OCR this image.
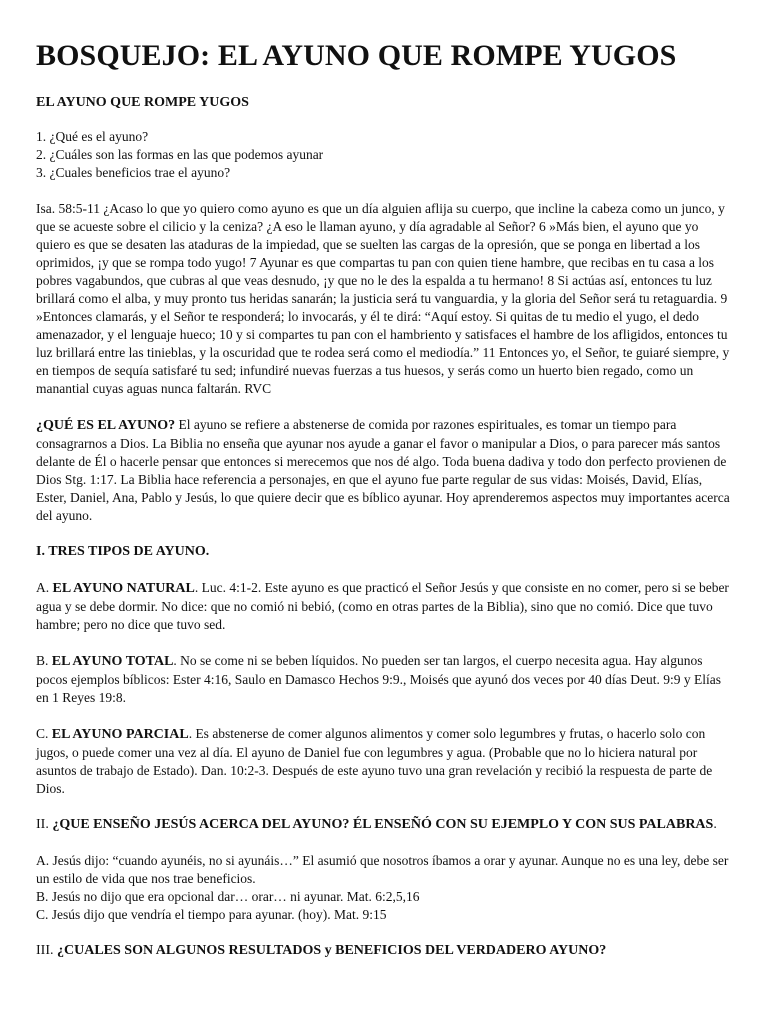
BOSQUEJO: EL AYUNO QUE ROMPE YUGOS
EL AYUNO QUE ROMPE YUGOS
1. ¿Qué es el ayuno?
2. ¿Cuáles son las formas en las que podemos ayunar
3. ¿Cuales beneficios trae el ayuno?

Isa. 58:5-11 ¿Acaso lo que yo quiero como ayuno es que un día alguien aflija su cuerpo, que incline la cabeza como un junco, y que se acueste sobre el cilicio y la ceniza? ¿A eso le llaman ayuno, y día agradable al Señor? 6 »Más bien, el ayuno que yo quiero es que se desaten las ataduras de la impiedad, que se suelten las cargas de la opresión, que se ponga en libertad a los oprimidos, ¡y que se rompa todo yugo! 7 Ayunar es que compartas tu pan con quien tiene hambre, que recibas en tu casa a los pobres vagabundos, que cubras al que veas desnudo, ¡y que no le des la espalda a tu hermano! 8 Si actúas así, entonces tu luz brillará como el alba, y muy pronto tus heridas sanarán; la justicia será tu vanguardia, y la gloria del Señor será tu retaguardia. 9 »Entonces clamarás, y el Señor te responderá; lo invocarás, y él te dirá: “Aquí estoy. Si quitas de tu medio el yugo, el dedo amenazador, y el lenguaje hueco; 10 y si compartes tu pan con el hambriento y satisfaces el hambre de los afligidos, entonces tu luz brillará entre las tinieblas, y la oscuridad que te rodea será como el mediodía.” 11 Entonces yo, el Señor, te guiaré siempre, y en tiempos de sequía satisfaré tu sed; infundiré nuevas fuerzas a tus huesos, y serás como un huerto bien regado, como un manantial cuyas aguas nunca faltarán. RVC

¿QUÉ ES EL AYUNO? El ayuno se refiere a abstenerse de comida por razones espirituales, es tomar un tiempo para consagrarnos a Dios. La Biblia no enseña que ayunar nos ayude a ganar el favor o manipular a Dios, o para parecer más santos delante de Él o hacerle pensar que entonces si merecemos que nos dé algo. Toda buena dadiva y todo don perfecto provienen de Dios Stg. 1:17. La Biblia hace referencia a personajes, en que el ayuno fue parte regular de sus vidas: Moisés, David, Elías, Ester, Daniel, Ana, Pablo y Jesús, lo que quiere decir que es bíblico ayunar. Hoy aprenderemos aspectos muy importantes acerca del ayuno.

I. TRES TIPOS DE AYUNO.

A. EL AYUNO NATURAL. Luc. 4:1-2. Este ayuno es que practicó el Señor Jesús y que consiste en no comer, pero si se beber agua y se debe dormir. No dice: que no comió ni bebió, (como en otras partes de la Biblia), sino que no comió. Dice que tuvo hambre; pero no dice que tuvo sed.

B. EL AYUNO TOTAL. No se come ni se beben líquidos. No pueden ser tan largos, el cuerpo necesita agua. Hay algunos pocos ejemplos bíblicos: Ester 4:16, Saulo en Damasco Hechos 9:9., Moisés que ayunó dos veces por 40 días Deut. 9:9 y Elías en 1 Reyes 19:8.

C. EL AYUNO PARCIAL. Es abstenerse de comer algunos alimentos y comer solo legumbres y frutas, o hacerlo solo con jugos, o puede comer una vez al día. El ayuno de Daniel fue con legumbres y agua. (Probable que no lo hiciera natural por asuntos de trabajo de Estado). Dan. 10:2-3. Después de este ayuno tuvo una gran revelación y recibió la respuesta de parte de Dios.

II. ¿QUE ENSEÑO JESÚS ACERCA DEL AYUNO? ÉL ENSEÑÓ CON SU EJEMPLO Y CON SUS PALABRAS.

A. Jesús dijo: “cuando ayunéis, no si ayunáis…” El asumió que nosotros íbamos a orar y ayunar. Aunque no es una ley, debe ser un estilo de vida que nos trae beneficios.

B. Jesús no dijo que era opcional dar… orar… ni ayunar. Mat. 6:2,5,16

C. Jesús dijo que vendría el tiempo para ayunar. (hoy). Mat. 9:15

III. ¿CUALES SON ALGUNOS RESULTADOS y BENEFICIOS DEL VERDADERO AYUNO?
